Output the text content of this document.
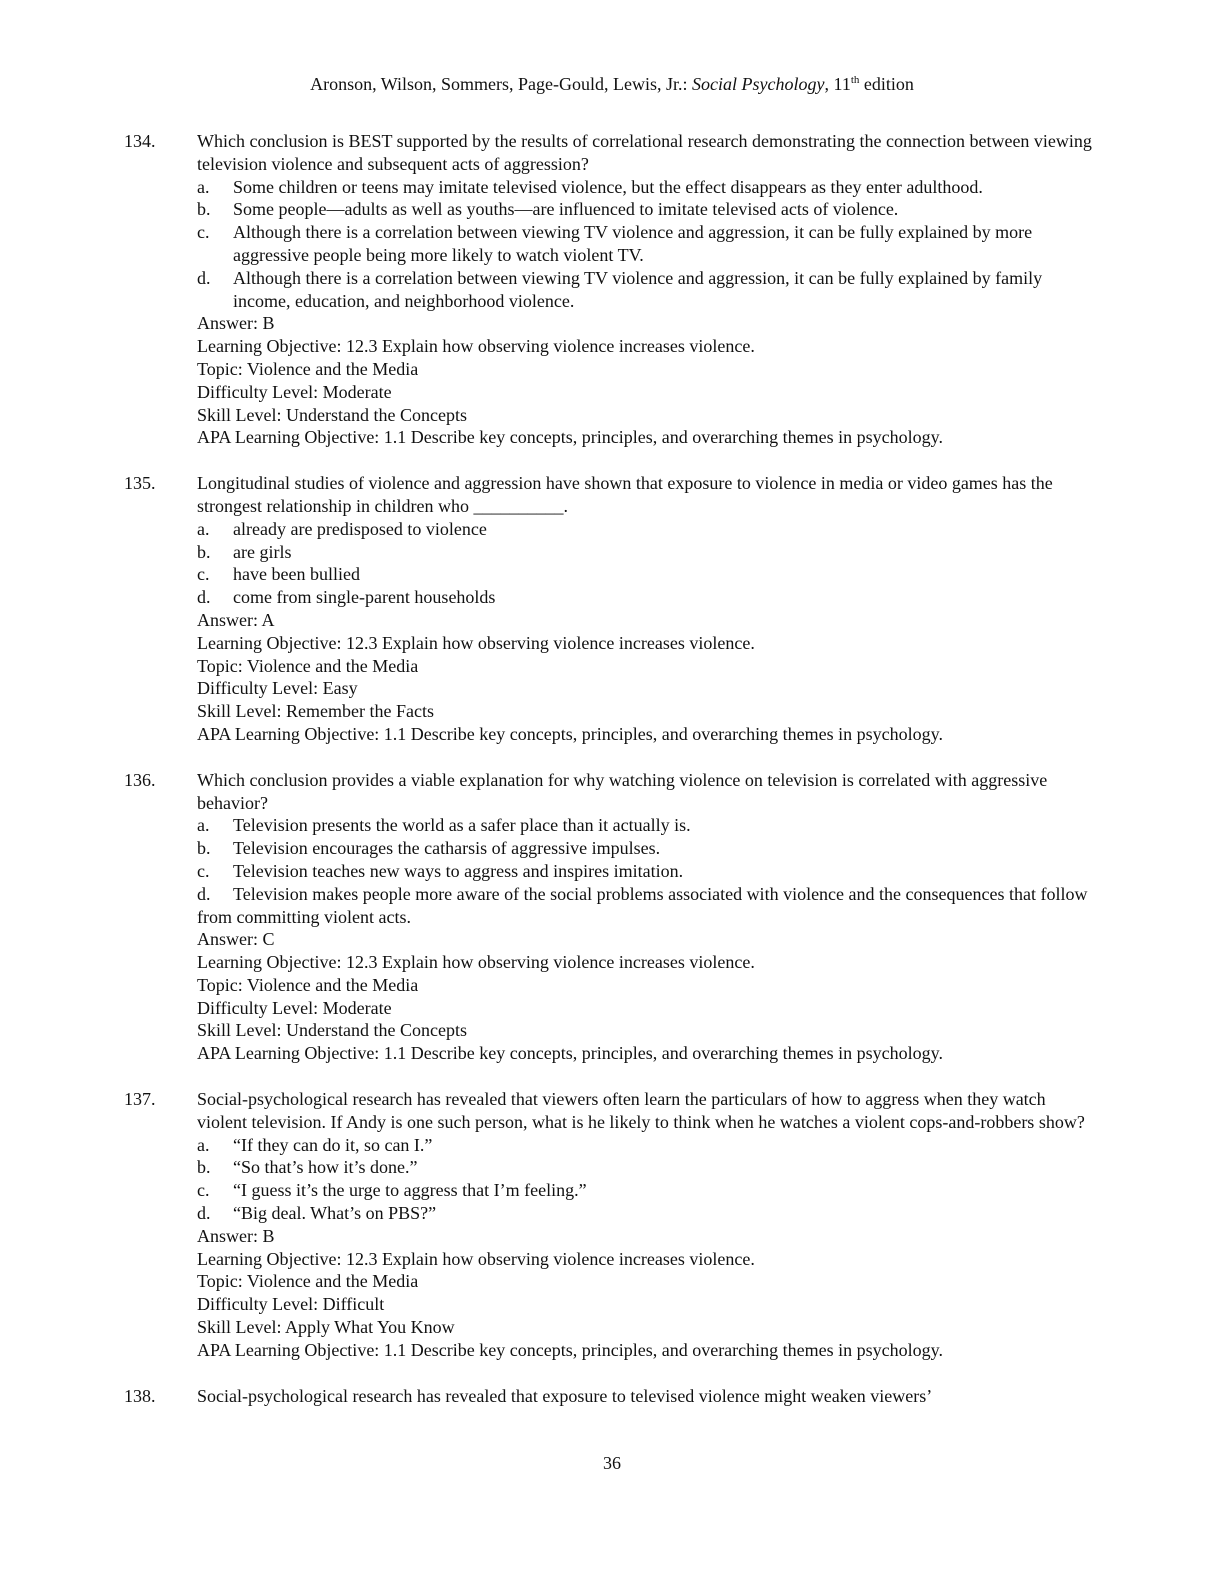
Aronson, Wilson, Sommers, Page-Gould, Lewis, Jr.: Social Psychology, 11th edition
134. Which conclusion is BEST supported by the results of correlational research demonstrating the connection between viewing television violence and subsequent acts of aggression?
a. Some children or teens may imitate televised violence, but the effect disappears as they enter adulthood.
b. Some people—adults as well as youths—are influenced to imitate televised acts of violence.
c. Although there is a correlation between viewing TV violence and aggression, it can be fully explained by more aggressive people being more likely to watch violent TV.
d. Although there is a correlation between viewing TV violence and aggression, it can be fully explained by family income, education, and neighborhood violence.
Answer: B
Learning Objective: 12.3 Explain how observing violence increases violence.
Topic: Violence and the Media
Difficulty Level: Moderate
Skill Level: Understand the Concepts
APA Learning Objective: 1.1 Describe key concepts, principles, and overarching themes in psychology.
135. Longitudinal studies of violence and aggression have shown that exposure to violence in media or video games has the strongest relationship in children who __________.
a. already are predisposed to violence
b. are girls
c. have been bullied
d. come from single-parent households
Answer: A
Learning Objective: 12.3 Explain how observing violence increases violence.
Topic: Violence and the Media
Difficulty Level: Easy
Skill Level: Remember the Facts
APA Learning Objective: 1.1 Describe key concepts, principles, and overarching themes in psychology.
136. Which conclusion provides a viable explanation for why watching violence on television is correlated with aggressive behavior?
a. Television presents the world as a safer place than it actually is.
b. Television encourages the catharsis of aggressive impulses.
c. Television teaches new ways to aggress and inspires imitation.
d. Television makes people more aware of the social problems associated with violence and the consequences that follow from committing violent acts.
Answer: C
Learning Objective: 12.3 Explain how observing violence increases violence.
Topic: Violence and the Media
Difficulty Level: Moderate
Skill Level: Understand the Concepts
APA Learning Objective: 1.1 Describe key concepts, principles, and overarching themes in psychology.
137. Social-psychological research has revealed that viewers often learn the particulars of how to aggress when they watch violent television. If Andy is one such person, what is he likely to think when he watches a violent cops-and-robbers show?
a. “If they can do it, so can I.”
b. “So that’s how it’s done.”
c. “I guess it’s the urge to aggress that I’m feeling.”
d. “Big deal. What’s on PBS?”
Answer: B
Learning Objective: 12.3 Explain how observing violence increases violence.
Topic: Violence and the Media
Difficulty Level: Difficult
Skill Level: Apply What You Know
APA Learning Objective: 1.1 Describe key concepts, principles, and overarching themes in psychology.
138. Social-psychological research has revealed that exposure to televised violence might weaken viewers’
36
